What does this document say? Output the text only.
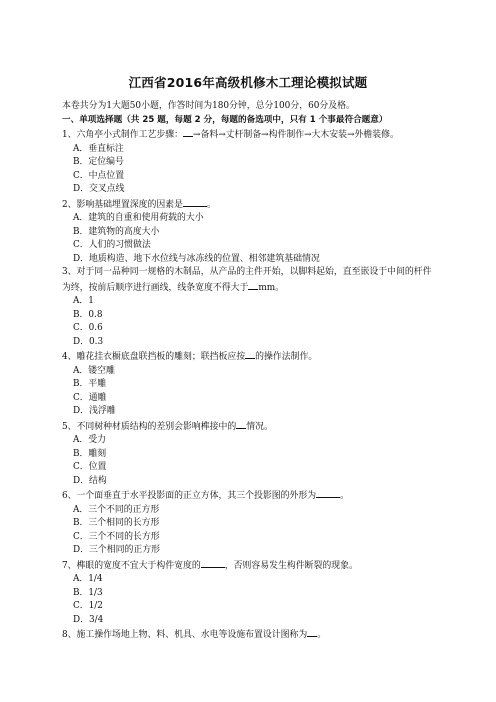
江西省2016年高级机修木工理论模拟试题
本卷共分为1大题50小题，作答时间为180分钟，总分100分，60分及格。
一、单项选择题（共 25 题，每题 2 分，每题的备选项中，只有 1 个事最符合题意）
1、六角亭小式制作工艺步骤： →备料→丈杆制备→构件制作→大木安装→外檐装修。
A．垂直标注
B．定位编号
C．中点位置
D．交叉点线
2、影响基础埋置深度的因素是	。
A．建筑的自重和使用荷载的大小
B．建筑物的高度大小
C．人们的习惯做法
D．地质构造、地下水位线与冰冻线的位置、相邻建筑基础情况
3、对于同一品种同一规格的木制品，从产品的主件开始，以脚料起始，直至嵌设于中间的杆件为终，按前后顺序进行画线，线条宽度不得大于 mm。
A．1
B．0.8
C．0.6
D．0.3
4、雕花挂衣橱底盘联挡板的雕刻；联挡板应按 的操作法制作。
A．镂空雕
B．平雕
C．通雕
D．浅浮雕
5、不同树种材质结构的差别会影响榫接中的 情况。
A．受力
B．雕刻
C．位置
D．结构
6、一个面垂直于水平投影面的正立方体，其三个投影图的外形为	。
A．三个不同的正方形
B．三个相同的长方形
C．三个不同的长方形
D．三个相同的正方形
7、榫眼的宽度不宜大于构件宽度的	，否则容易发生构件断裂的现象。
A．1/4
B．1/3
C．1/2
D．3/4
8、施工操作场地上物、料、机具、水电等设施布置设计图称为 。
